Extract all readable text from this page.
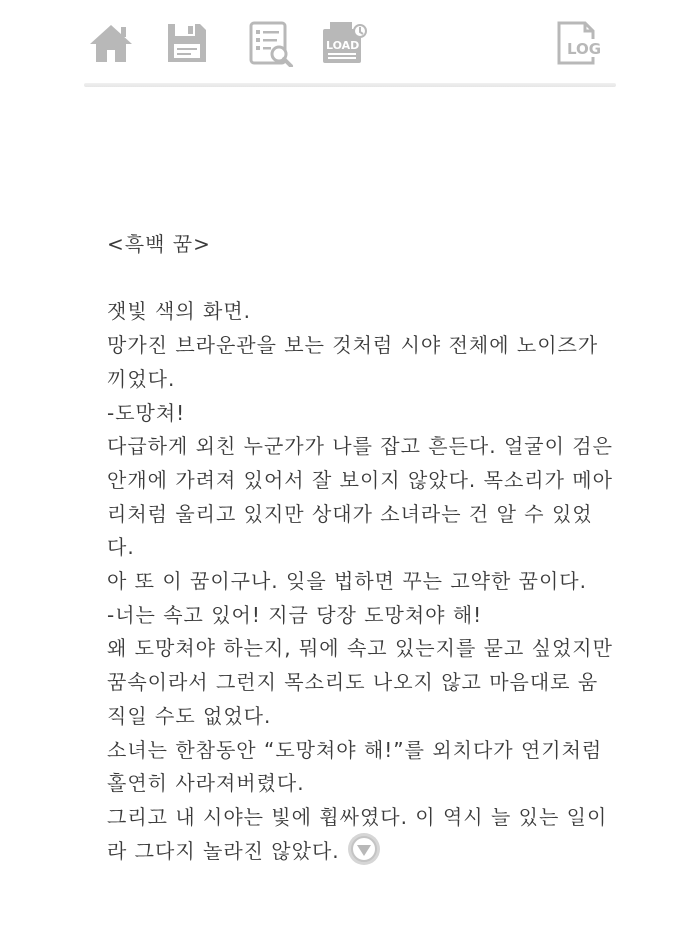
LOAD	LOG

<흑백 꿈>

잿빛 색의 화면.

망가진 브라운관을 보는 것처럼 시야 전체에 노이즈가 끼었다.

-도망쳐!

다급하게 외친 누군가가 나를 잡고 흔든다. 얼굴이 검은 안개에 가려져 있어서 잘 보이지 않았다. 목소리가 메아리처럼 울리고 있지만 상대가 소녀라는 건 알 수 있었다.

아 또 이 꿈이구나. 잊을 법하면 꾸는 고약한 꿈이다.

-너는 속고 있어! 지금 당장 도망쳐야 해!

왜 도망쳐야 하는지, 뭐에 속고 있는지를 묻고 싶었지만 꿈속이라서 그런지 목소리도 나오지 않고 마음대로 움직일 수도 없었다.

소녀는 한참동안 “도망쳐야 해!”를 외치다가 연기처럼 홀연히 사라져버렸다.

그리고 내 시야는 빛에 휩싸였다. 이 역시 늘 있는 일이라 그다지 놀라진 않았다.
